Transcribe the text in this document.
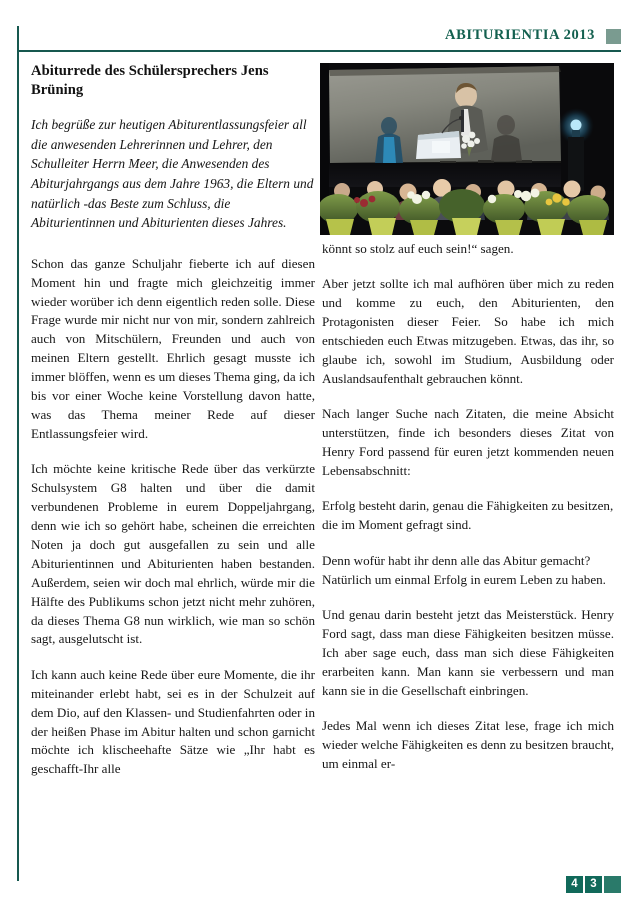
ABITURIENTIA 2013
Abiturrede des Schülersprechers Jens Brüning

Ich begrüße zur heutigen Abiturentlassungsfeier all die anwesenden Lehrerinnen und Lehrer, den Schulleiter Herrn Meer, die Anwesenden des Abiturjahrgangs aus dem Jahre 1963, die Eltern und natürlich -das Beste zum Schluss, die Abiturientinnen und Abiturienten dieses Jahres.

Schon das ganze Schuljahr fieberte ich auf diesen Moment hin und fragte mich gleichzeitig immer wieder worüber ich denn eigentlich reden solle. Diese Frage wurde mir nicht nur von mir, sondern zahlreich auch von Mitschülern, Freunden und auch von meinen Eltern gestellt. Ehrlich gesagt musste ich immer blöffen, wenn es um dieses Thema ging, da ich bis vor einer Woche keine Vorstellung davon hatte, was das Thema meiner Rede auf dieser Entlassungsfeier wird.

Ich möchte keine kritische Rede über das verkürzte Schulsystem G8 halten und über die damit verbundenen Probleme in eurem Doppeljahrgang, denn wie ich so gehört habe, scheinen die erreichten Noten ja doch gut ausgefallen zu sein und alle Abiturientinnen und Abiturienten haben bestanden. Außerdem, seien wir doch mal ehrlich, würde mir die Hälfte des Publikums schon jetzt nicht mehr zuhören, da dieses Thema G8 nun wirklich, wie man so schön sagt, ausgelutscht ist.

Ich kann auch keine Rede über eure Momente, die ihr miteinander erlebt habt, sei es in der Schulzeit auf dem Dio, auf den Klassen- und Studienfahrten oder in der heißen Phase im Abitur halten und schon garnicht möchte ich klischeehafte Sätze wie „Ihr habt es geschafft-Ihr alle

könnt so stolz auf euch sein!“ sagen.

Aber jetzt sollte ich mal aufhören über mich zu reden und komme zu euch, den Abiturienten, den Protagonisten dieser Feier. So habe ich mich entschieden euch Etwas mitzugeben. Etwas, das ihr, so glaube ich, sowohl im Studium, Ausbildung oder Auslandsaufenthalt gebrauchen könnt.

Nach langer Suche nach Zitaten, die meine Absicht unterstützen, finde ich besonders dieses Zitat von Henry Ford passend für euren jetzt kommenden neuen Lebensabschnitt:

Erfolg besteht darin, genau die Fähigkeiten zu besitzen, die im Moment gefragt sind.

Denn wofür habt ihr denn alle das Abitur gemacht? Natürlich um einmal Erfolg in eurem Leben zu haben.

Und genau darin besteht jetzt das Meisterstück. Henry Ford sagt, dass man diese Fähigkeiten besitzen müsse. Ich aber sage euch, dass man sich diese Fähigkeiten erarbeiten kann. Man kann sie verbessern und man kann sie in die Gesellschaft einbringen.

Jedes Mal wenn ich dieses Zitat lese, frage ich mich wieder welche Fähigkeiten es denn zu besitzen braucht, um einmal er-

4	3
